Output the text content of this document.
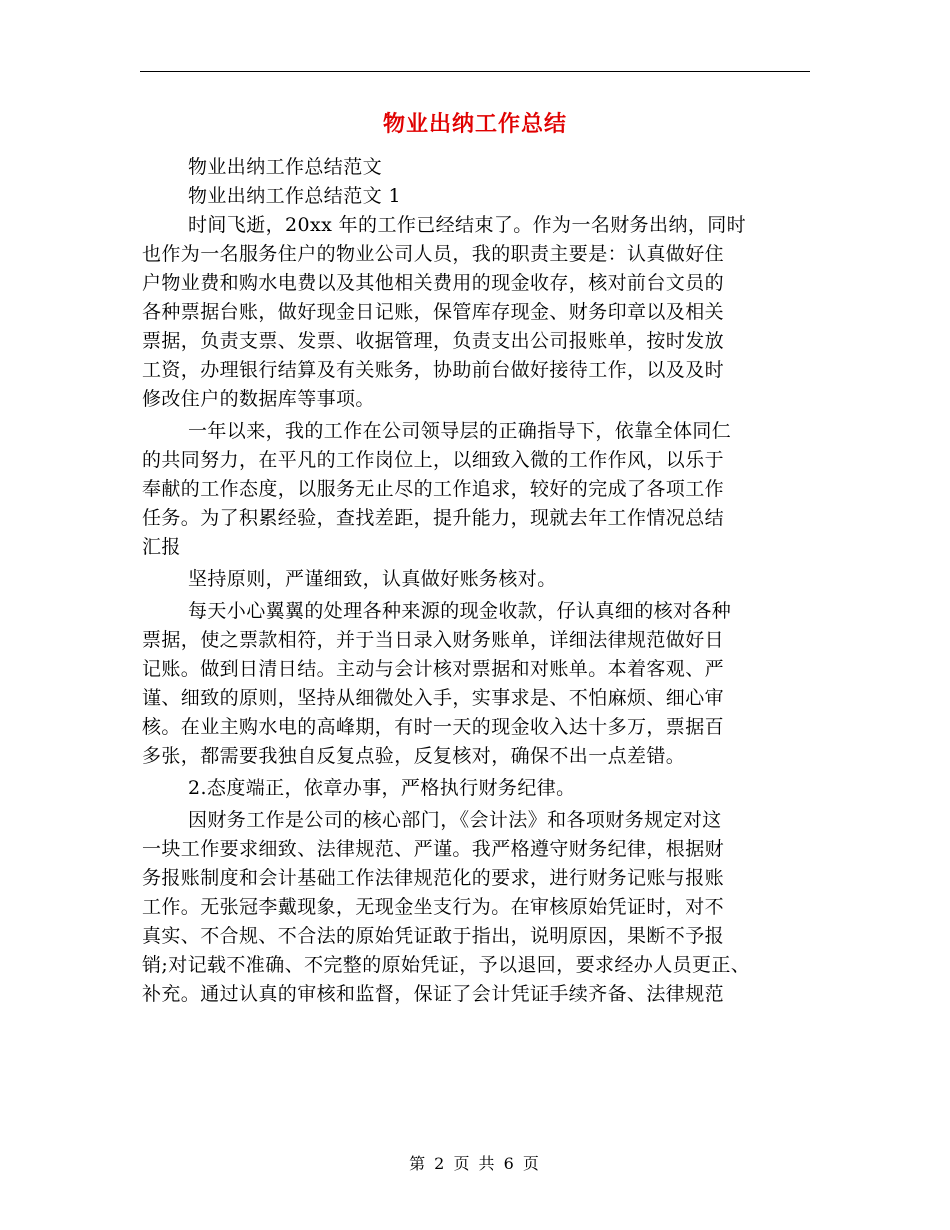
物业出纳工作总结
物业出纳工作总结范文
物业出纳工作总结范文 1
时间飞逝，20xx 年的工作已经结束了。作为一名财务出纳，同时
也作为一名服务住户的物业公司人员，我的职责主要是：认真做好住
户物业费和购水电费以及其他相关费用的现金收存，核对前台文员的
各种票据台账，做好现金日记账，保管库存现金、财务印章以及相关
票据，负责支票、发票、收据管理，负责支出公司报账单，按时发放
工资，办理银行结算及有关账务，协助前台做好接待工作，以及及时
修改住户的数据库等事项。
一年以来，我的工作在公司领导层的正确指导下，依靠全体同仁
的共同努力，在平凡的工作岗位上，以细致入微的工作作风，以乐于
奉献的工作态度，以服务无止尽的工作追求，较好的完成了各项工作
任务。为了积累经验，查找差距，提升能力，现就去年工作情况总结
汇报
坚持原则，严谨细致，认真做好账务核对。
每天小心翼翼的处理各种来源的现金收款，仔认真细的核对各种
票据，使之票款相符，并于当日录入财务账单，详细法律规范做好日
记账。做到日清日结。主动与会计核对票据和对账单。本着客观、严
谨、细致的原则，坚持从细微处入手，实事求是、不怕麻烦、细心审
核。在业主购水电的高峰期，有时一天的现金收入达十多万，票据百
多张，都需要我独自反复点验，反复核对，确保不出一点差错。
2.态度端正，依章办事，严格执行财务纪律。
因财务工作是公司的核心部门，《会计法》和各项财务规定对这
一块工作要求细致、法律规范、严谨。我严格遵守财务纪律，根据财
务报账制度和会计基础工作法律规范化的要求，进行财务记账与报账
工作。无张冠李戴现象，无现金坐支行为。在审核原始凭证时，对不
真实、不合规、不合法的原始凭证敢于指出，说明原因，果断不予报
销;对记载不准确、不完整的原始凭证，予以退回，要求经办人员更正、
补充。通过认真的审核和监督，保证了会计凭证手续齐备、法律规范
第 2 页 共 6 页
